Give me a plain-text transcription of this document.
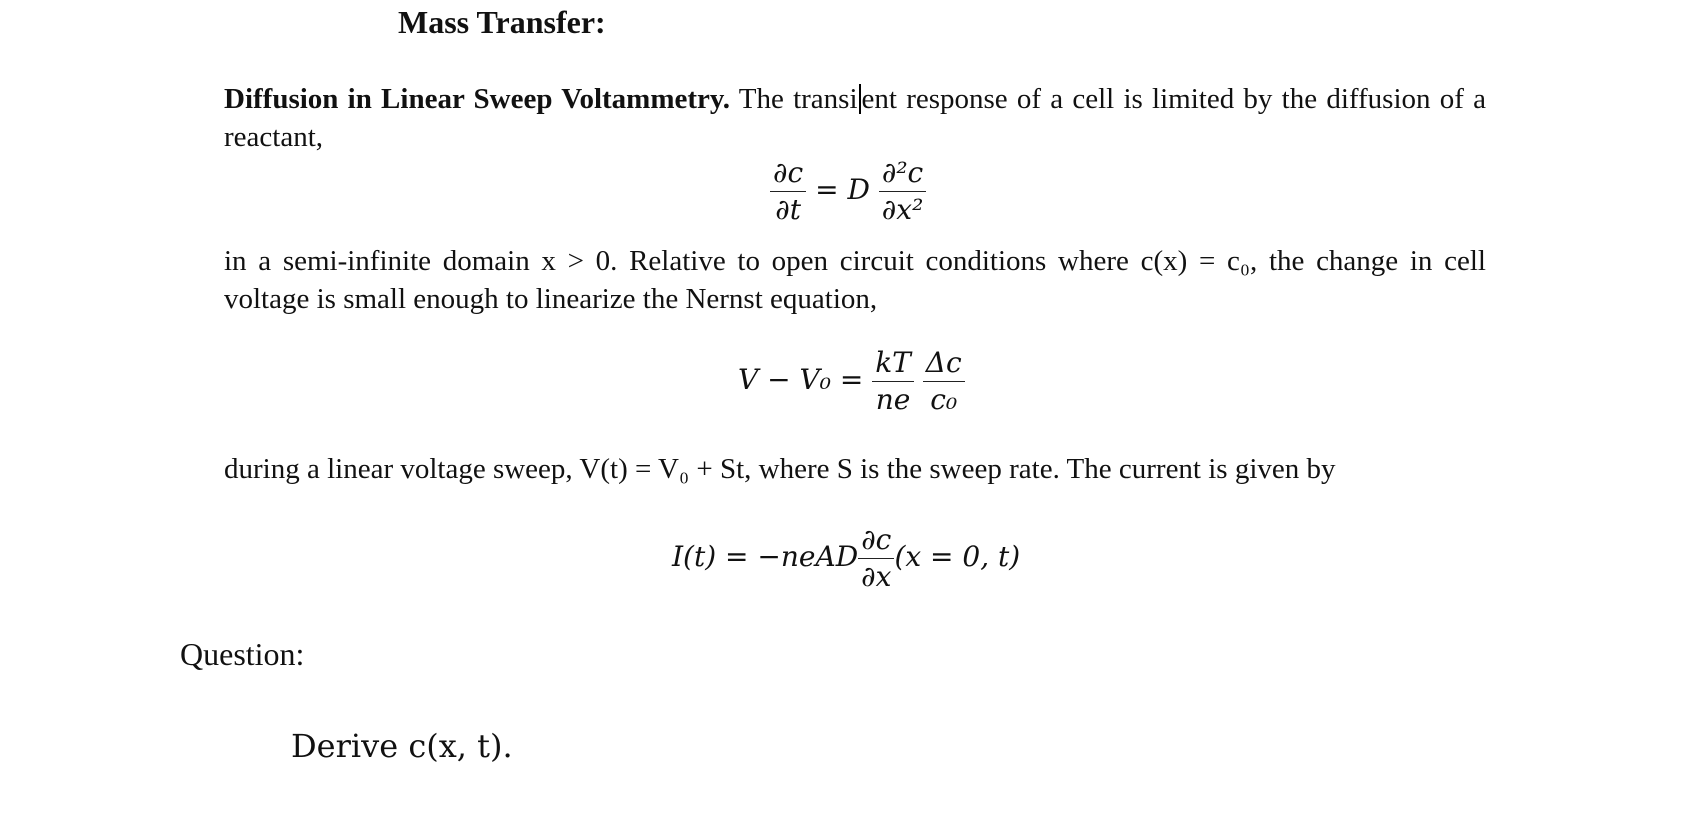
Mass Transfer:
Diffusion in Linear Sweep Voltammetry. The transi ent response of a cell is limited by the diffusion of a reactant,
$\frac{\partial c}{\partial t} = D \frac{\text{∂²c}}{\text{∂x²}}$
in a semi-infinite domain x > 0. Relative to open circuit conditions where c(x) = c₀, the change in cell voltage is small enough to linearize the Nernst equation,
$V - V_0 = \frac{kT}{ne}$
$\frac{\Delta c}{\text{c₀}}$
during a linear voltage sweep, V(t) = V₀ + St, where S is the sweep rate. The current is given by
I(t) = −neAD $\frac{\partial c}{\partial x} (x = 0$, t)
Question:
Derive c(x, t).
